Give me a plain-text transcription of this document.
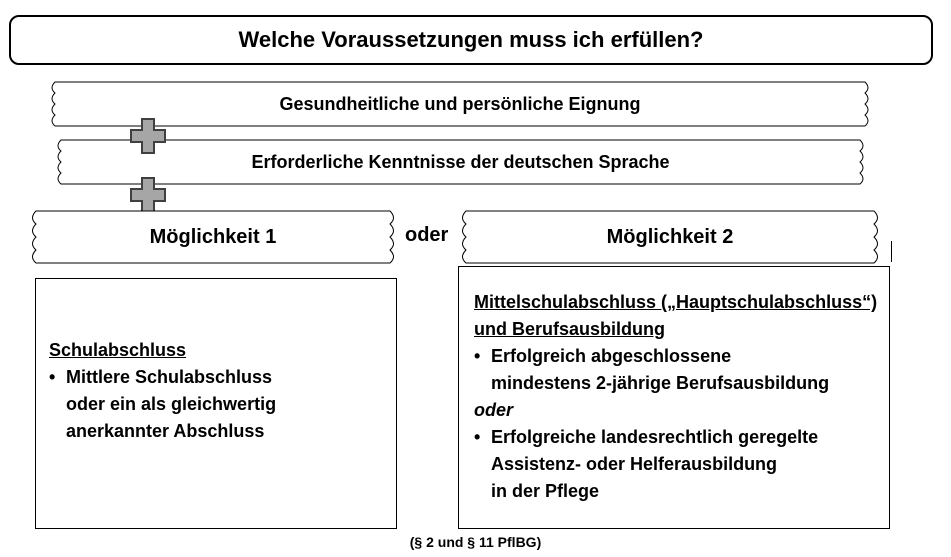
Welche Voraussetzungen muss ich erfüllen?
Gesundheitliche und persönliche Eignung
Erforderliche Kenntnisse der deutschen Sprache
Möglichkeit 1	oder	Möglichkeit 2
Schulabschluss
• Mittlere Schulabschluss
oder ein als gleichwertig
anerkannter Abschluss
Mittelschulabschluss („Hauptschulabschluss“)
und Berufsausbildung
• Erfolgreich abgeschlossene
mindestens 2-jährige Berufsausbildung
oder
• Erfolgreiche landesrechtlich geregelte
Assistenz- oder Helferausbildung
in der Pflege
(§ 2 und § 11 PflBG)
